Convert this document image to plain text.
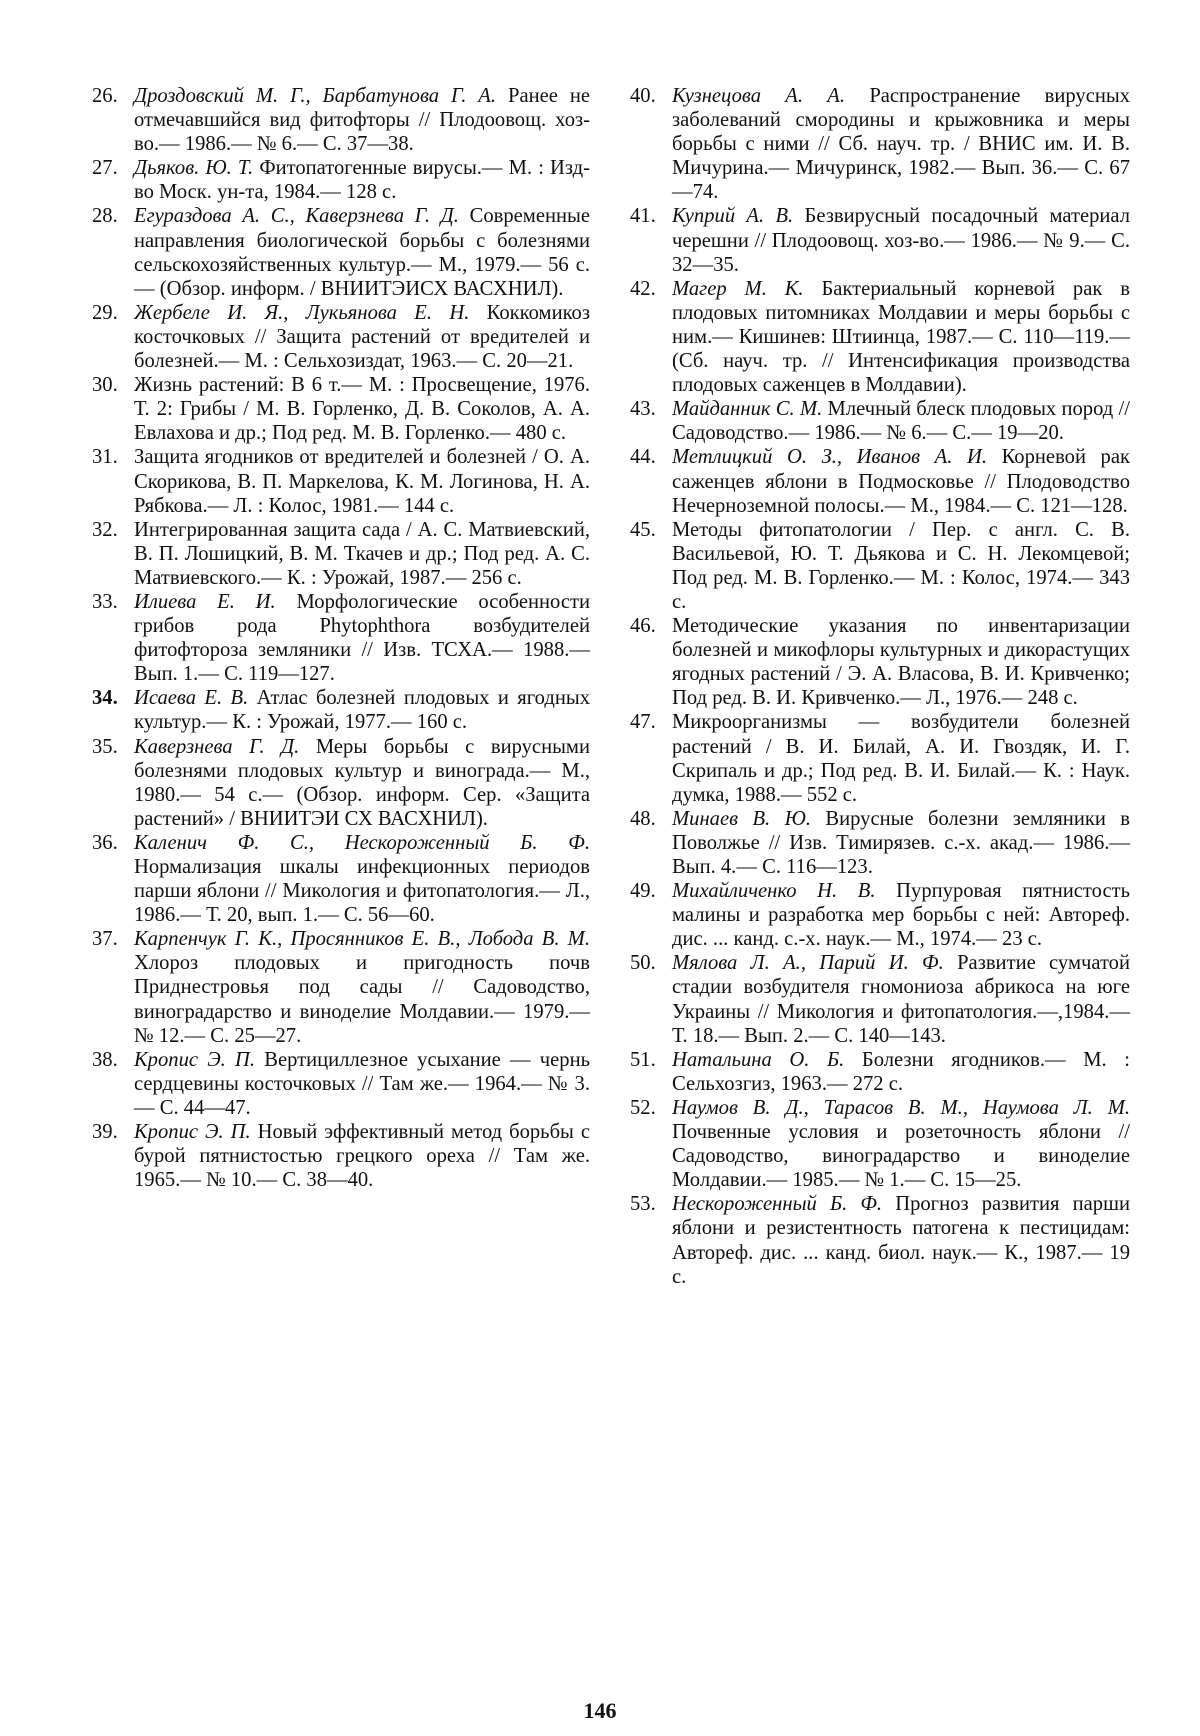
26. Дроздовский М. Г., Барбатунова Г. А. Ранее не отмечавшийся вид фитофторы // Плодоовощ. хоз-во.— 1986.— № 6.— С. 37—38.
27. Дьяков. Ю. Т. Фитопатогенные вирусы.— М. : Изд-во Моск. ун-та, 1984.— 128 с.
28. Егураздова А. С., Каверзнева Г. Д. Современные направления биологической борьбы с болезнями сельскохозяйственных культур.— М., 1979.— 56 с.— (Обзор. информ. / ВНИИТЭИСХ ВАСХНИЛ).
29. Жербеле И. Я., Лукьянова Е. Н. Коккомикоз косточковых // Защита растений от вредителей и болезней.— М. : Сельхозиздат, 1963.— С. 20—21.
30. Жизнь растений: В 6 т.— М. : Просвещение, 1976. Т. 2: Грибы / М. В. Горленко, Д. В. Соколов, А. А. Евлахова и др.; Под ред. М. В. Горленко.— 480 с.
31. Защита ягодников от вредителей и болезней / О. А. Скорикова, В. П. Маркелова, К. М. Логинова, Н. А. Рябкова.— Л. : Колос, 1981.— 144 с.
32. Интегрированная защита сада / А. С. Матвиевский, В. П. Лошицкий, В. М. Ткачев и др.; Под ред. А. С. Матвиевского.— К. : Урожай, 1987.— 256 с.
33. Илиева Е. И. Морфологические особенности грибов рода Phytophthora возбудителей фитофтороза земляники // Изв. ТСХА.— 1988.— Вып. 1.— С. 119—127.
34. Исаева Е. В. Атлас болезней плодовых и ягодных культур.— К. : Урожай, 1977.— 160 с.
35. Каверзнева Г. Д. Меры борьбы с вирусными болезнями плодовых культур и винограда.— М., 1980.— 54 с.— (Обзор. информ. Сер. «Защита растений» / ВНИИТЭИ СХ ВАСХНИЛ).
36. Каленич Ф. С., Нескороженный Б. Ф. Нормализация шкалы инфекционных периодов парши яблони // Микология и фитопатология.— Л., 1986.— Т. 20, вып. 1.— С. 56—60.
37. Карпенчук Г. К., Просянников Е. В., Лобода В. М. Хлороз плодовых и пригодность почв Приднестровья под сады // Садоводство, виноградарство и виноделие Молдавии.— 1979.— № 12.— С. 25—27.
38. Кропис Э. П. Вертициллезное усыхание — чернь сердцевины косточковых // Там же.— 1964.— № 3.— С. 44—47.
39. Кропис Э. П. Новый эффективный метод борьбы с бурой пятнистостью грецкого ореха // Там же. 1965.— № 10.— С. 38—40.
40. Кузнецова А. А. Распространение вирусных заболеваний смородины и крыжовника и меры борьбы с ними // Сб. науч. тр. / ВНИС им. И. В. Мичурина.— Мичуринск, 1982.— Вып. 36.— С. 67—74.
41. Куприй А. В. Безвирусный посадочный материал черешни // Плодоовощ. хоз-во.— 1986.— № 9.— С. 32—35.
42. Магер М. К. Бактериальный корневой рак в плодовых питомниках Молдавии и меры борьбы с ним.— Кишинев: Штиинца, 1987.— С. 110—119.— (Сб. науч. тр. // Интенсификация производства плодовых саженцев в Молдавии).
43. Майданник С. М. Млечный блеск плодовых пород // Садоводство.— 1986.— № 6.— С.— 19—20.
44. Метлицкий О. З., Иванов А. И. Корневой рак саженцев яблони в Подмосковье // Плодоводство Нечерноземной полосы.— М., 1984.— С. 121—128.
45. Методы фитопатологии / Пер. с англ. С. В. Васильевой, Ю. Т. Дьякова и С. Н. Лекомцевой; Под ред. М. В. Горленко.— М. : Колос, 1974.— 343 с.
46. Методические указания по инвентаризации болезней и микофлоры культурных и дикорастущих ягодных растений / Э. А. Власова, В. И. Кривченко; Под ред. В. И. Кривченко.— Л., 1976.— 248 с.
47. Микроорганизмы — возбудители болезней растений / В. И. Билай, А. И. Гвоздяк, И. Г. Скрипаль и др.; Под ред. В. И. Билай.— К. : Наук. думка, 1988.— 552 с.
48. Минаев В. Ю. Вирусные болезни земляники в Поволжье // Изв. Тимирязев. с.-х. акад.— 1986.— Вып. 4.— С. 116—123.
49. Михайличенко Н. В. Пурпуровая пятнистость малины и разработка мер борьбы с ней: Автореф. дис. ... канд. с.-х. наук.— М., 1974.— 23 с.
50. Мялова Л. А., Парий И. Ф. Развитие сумчатой стадии возбудителя гномониоза абрикоса на юге Украины // Микология и фитопатология.—,1984.— Т. 18.— Вып. 2.— С. 140—143.
51. Натальина О. Б. Болезни ягодников.— М. : Сельхозгиз, 1963.— 272 с.
52. Наумов В. Д., Тарасов В. М., Наумова Л. М. Почвенные условия и розеточность яблони // Садоводство, виноградарство и виноделие Молдавии.— 1985.— № 1.— С. 15—25.
53. Нескороженный Б. Ф. Прогноз развития парши яблони и резистентность патогена к пестицидам: Автореф. дис. ... канд. биол. наук.— К., 1987.— 19 с.
146
